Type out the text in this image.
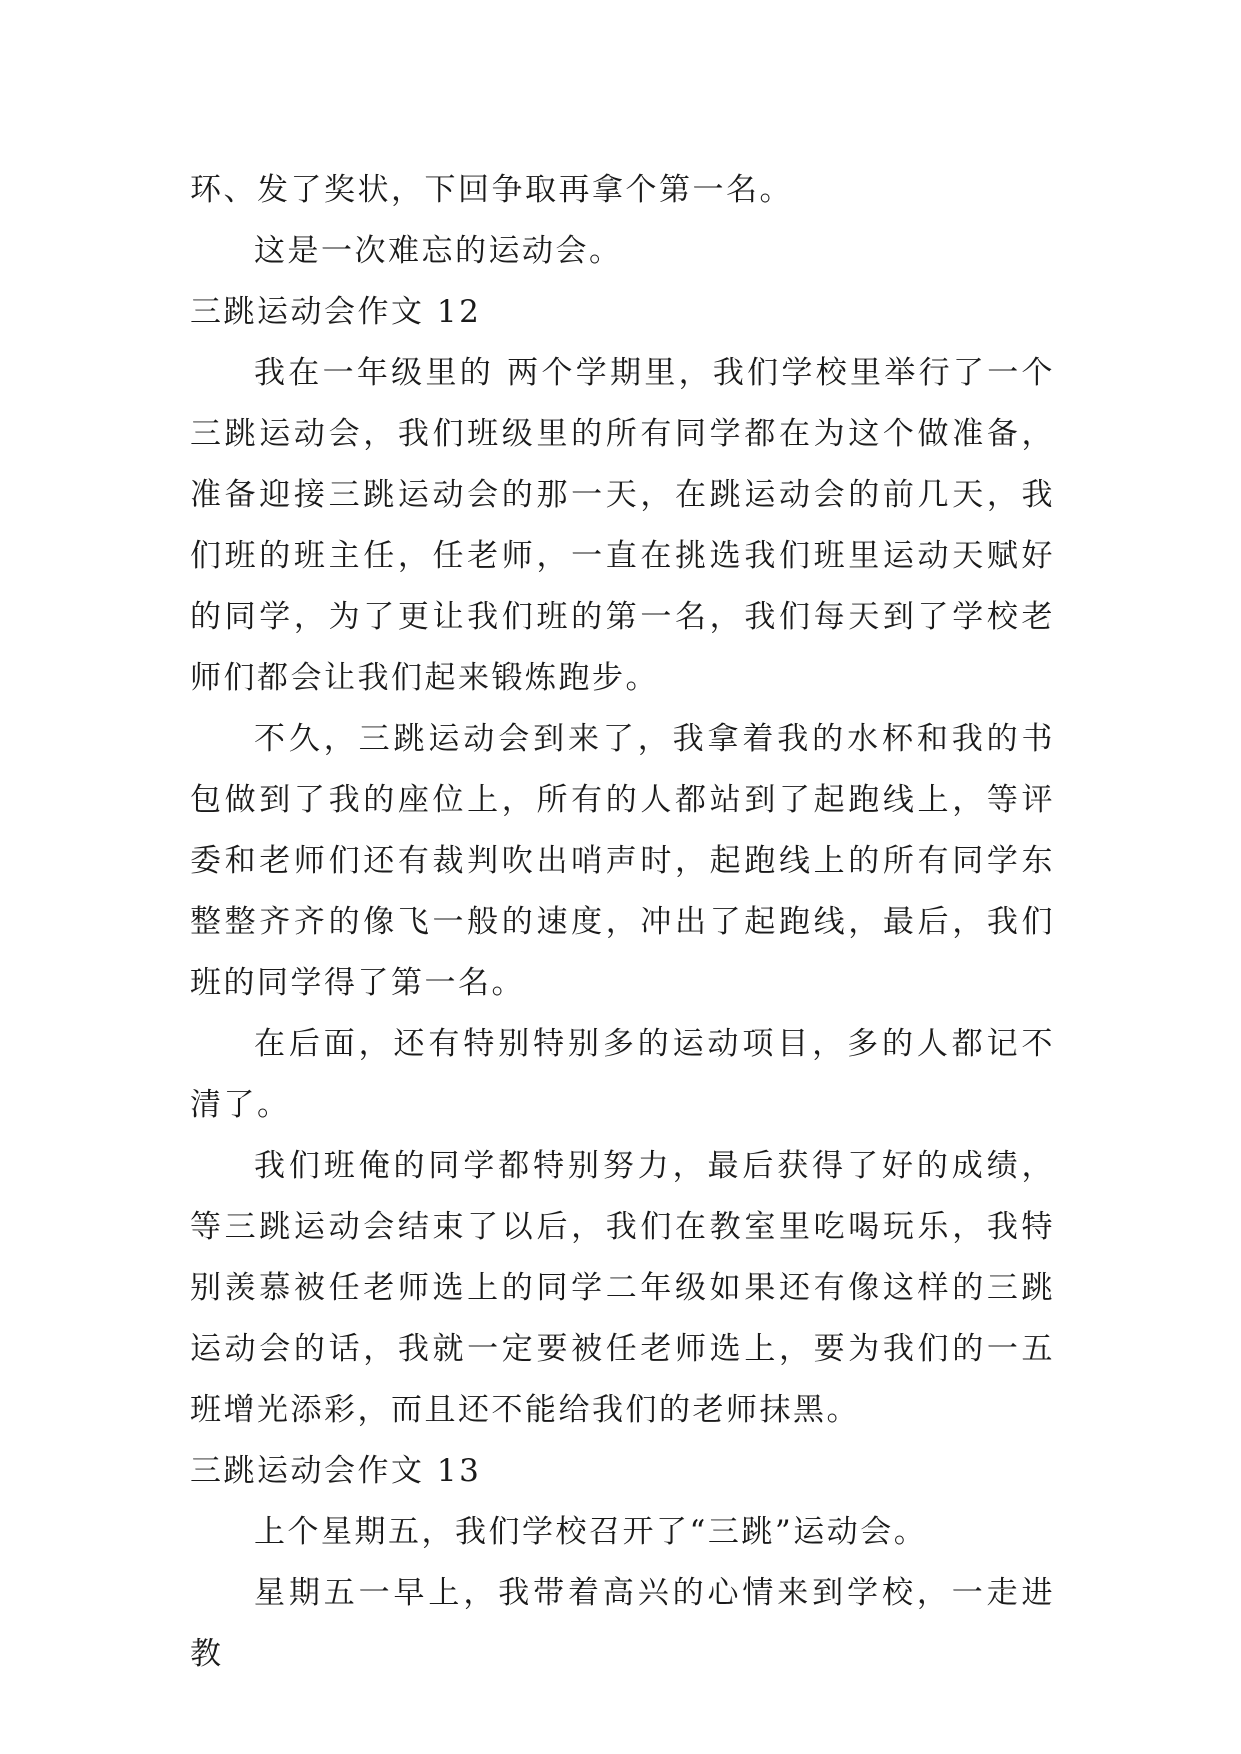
环、发了奖状，下回争取再拿个第一名。

这是一次难忘的运动会。

三跳运动会作文 12

我在一年级里的 两个学期里，我们学校里举行了一个三跳运动会，我们班级里的所有同学都在为这个做准备，准备迎接三跳运动会的那一天，在跳运动会的前几天，我们班的班主任，任老师，一直在挑选我们班里运动天赋好的同学，为了更让我们班的第一名，我们每天到了学校老师们都会让我们起来锻炼跑步。

不久，三跳运动会到来了，我拿着我的水杯和我的书包做到了我的座位上，所有的人都站到了起跑线上，等评委和老师们还有裁判吹出哨声时，起跑线上的所有同学东整整齐齐的像飞一般的速度，冲出了起跑线，最后，我们班的同学得了第一名。

在后面，还有特别特别多的运动项目，多的人都记不清了。

我们班俺的同学都特别努力，最后获得了好的成绩，等三跳运动会结束了以后，我们在教室里吃喝玩乐，我特别羡慕被任老师选上的同学二年级如果还有像这样的三跳运动会的话，我就一定要被任老师选上，要为我们的一五班增光添彩，而且还不能给我们的老师抹黑。

三跳运动会作文 13

上个星期五，我们学校召开了“三跳”运动会。

星期五一早上，我带着高兴的心情来到学校，一走进教
